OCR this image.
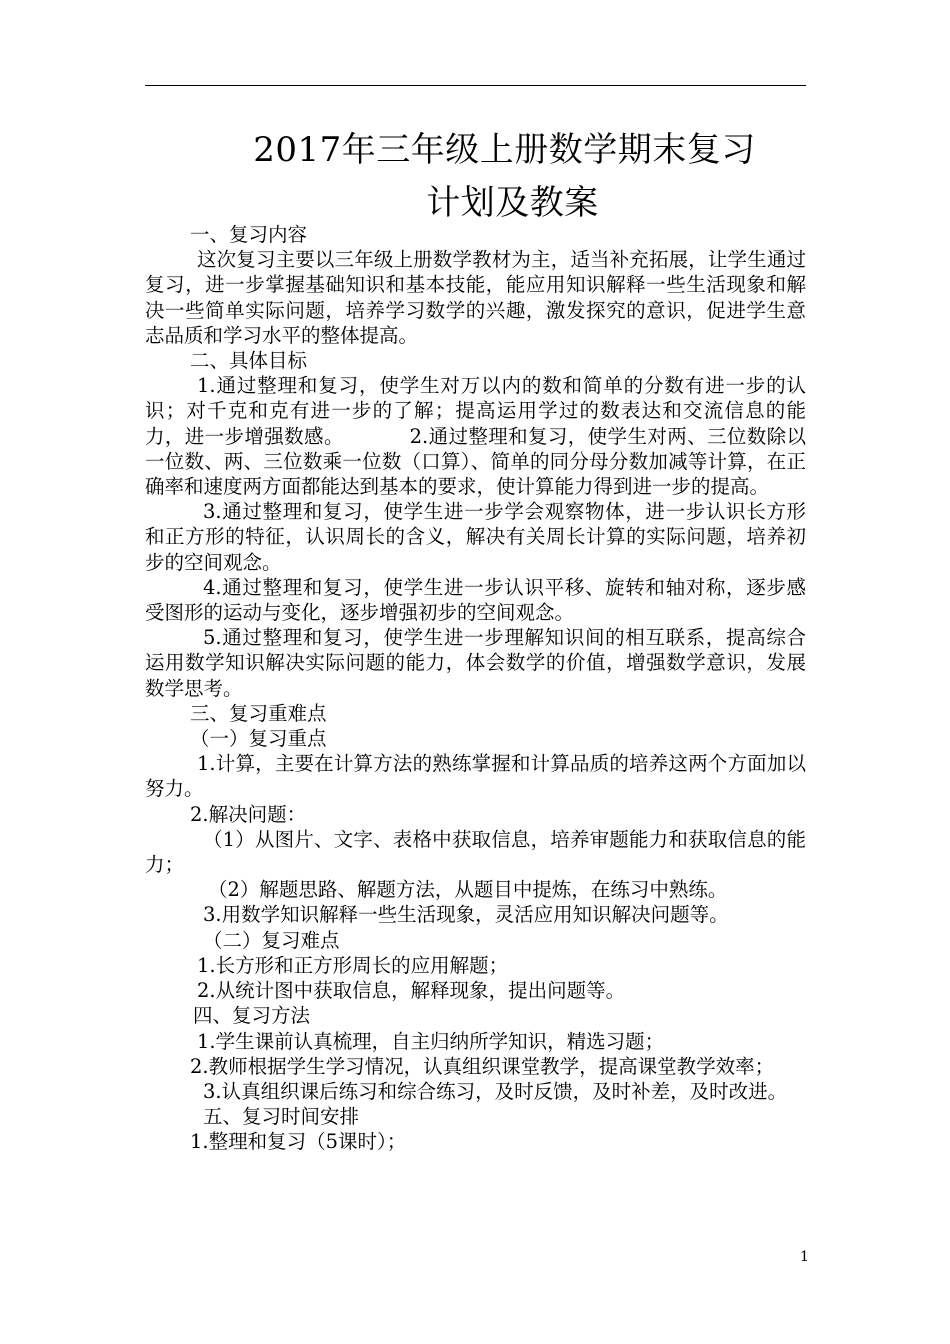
2017年三年级上册数学期末复习
计划及教案

一、复习内容

这次复习主要以三年级上册数学教材为主，适当补充拓展，让学生通过复习，进一步掌握基础知识和基本技能，能应用知识解释一些生活现象和解决一些简单实际问题，培养学习数学的兴趣，激发探究的意识，促进学生意志品质和学习水平的整体提高。

二、具体目标

1.通过整理和复习，使学生对万以内的数和简单的分数有进一步的认识；对千克和克有进一步的了解；提高运用学过的数表达和交流信息的能力，进一步增强数感。          2.通过整理和复习，使学生对两、三位数除以一位数、两、三位数乘一位数（口算）、简单的同分母分数加减等计算，在正确率和速度两方面都能达到基本的要求，使计算能力得到进一步的提高。

3.通过整理和复习，使学生进一步学会观察物体，进一步认识长方形和正方形的特征，认识周长的含义，解决有关周长计算的实际问题，培养初步的空间观念。

4.通过整理和复习，使学生进一步认识平移、旋转和轴对称，逐步感受图形的运动与变化，逐步增强初步的空间观念。

5.通过整理和复习，使学生进一步理解知识间的相互联系，提高综合运用数学知识解决实际问题的能力，体会数学的价值，增强数学意识，发展数学思考。

三、复习重难点

（一）复习重点

1.计算，主要在计算方法的熟练掌握和计算品质的培养这两个方面加以努力。

2.解决问题：

（1）从图片、文字、表格中获取信息，培养审题能力和获取信息的能力；

（2）解题思路、解题方法，从题目中提炼，在练习中熟练。

3.用数学知识解释一些生活现象，灵活应用知识解决问题等。

（二）复习难点

1.长方形和正方形周长的应用解题；

2.从统计图中获取信息，解释现象，提出问题等。

四、复习方法

1.学生课前认真梳理，自主归纳所学知识，精选习题；

2.教师根据学生学习情况，认真组织课堂教学，提高课堂教学效率；

3.认真组织课后练习和综合练习，及时反馈，及时补差，及时改进。

五、复习时间安排

1.整理和复习（5课时）；

1
